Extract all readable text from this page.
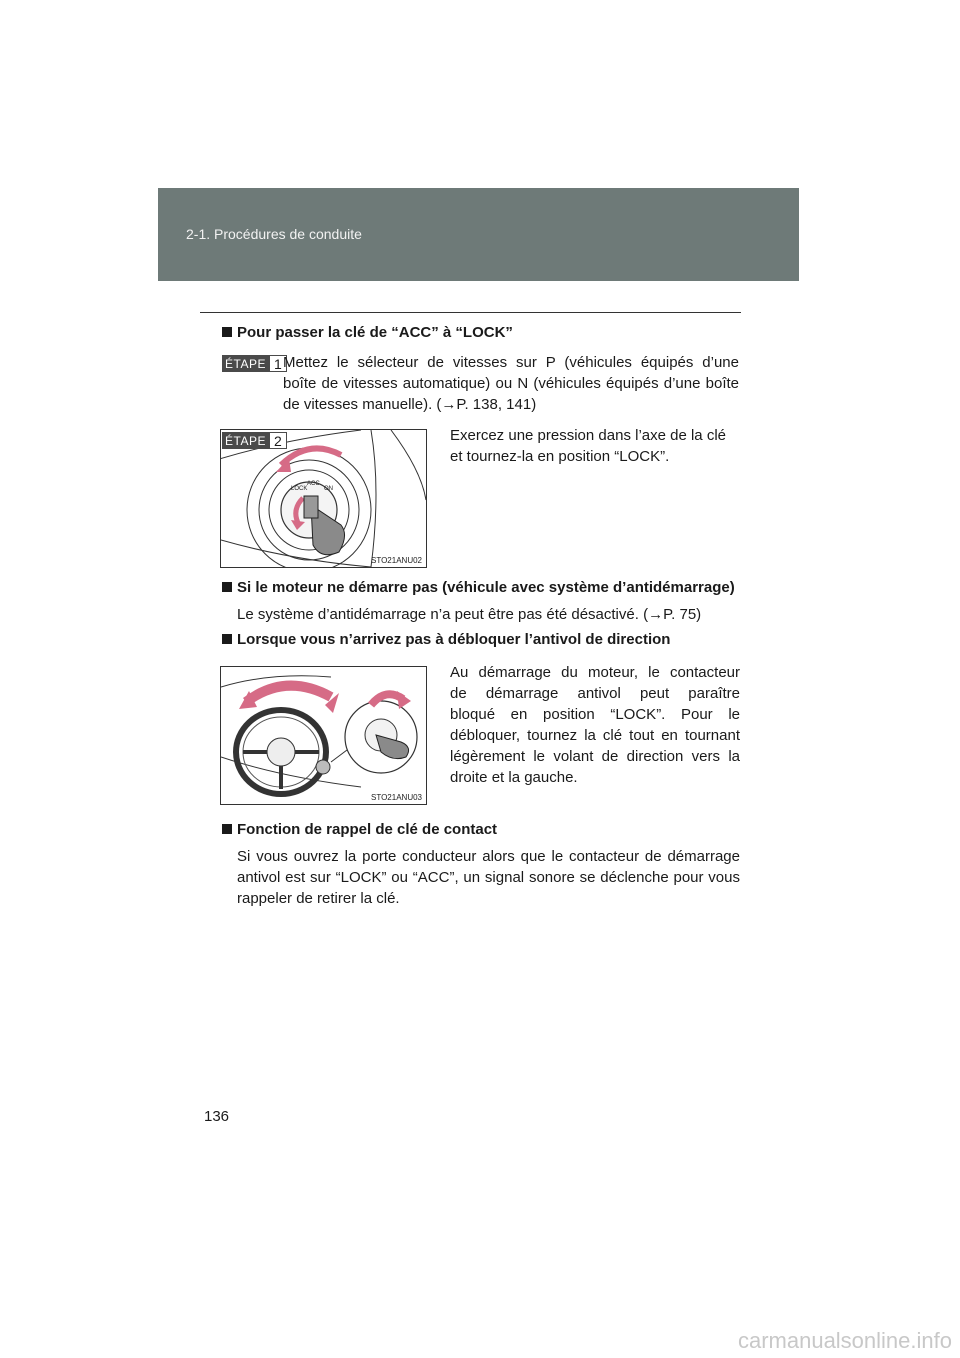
2-1. Procédures de conduite
Pour passer la clé de “ACC” à “LOCK”
ÉTAPE 1 Mettez le sélecteur de vitesses sur P (véhicules équipés d’une
boîte de vitesses automatique) ou N (véhicules équipés d’une boîte
de vitesses manuelle). (→P. 138, 141)
LOCK
ACC
ON
STO21ANU02
ÉTAPE 2	Exercez une pression dans l’axe de la clé
et tournez-la en position “LOCK”.
Si le moteur ne démarre pas (véhicule avec système d’antidémarrage)
Le système d’antidémarrage n’a peut être pas été désactivé. (→P. 75)
Lorsque vous n’arrivez pas à débloquer l’antivol de direction
STO21ANU03
Au démarrage du moteur, le contacteur
de démarrage antivol peut paraître
bloqué en position “LOCK”. Pour le
débloquer, tournez la clé tout en tournant
légèrement le volant de direction vers la
droite et la gauche.
Fonction de rappel de clé de contact
Si vous ouvrez la porte conducteur alors que le contacteur de démarrage
antivol est sur “LOCK” ou “ACC”, un signal sonore se déclenche pour vous
rappeler de retirer la clé.
136
carmanualsonline.info
